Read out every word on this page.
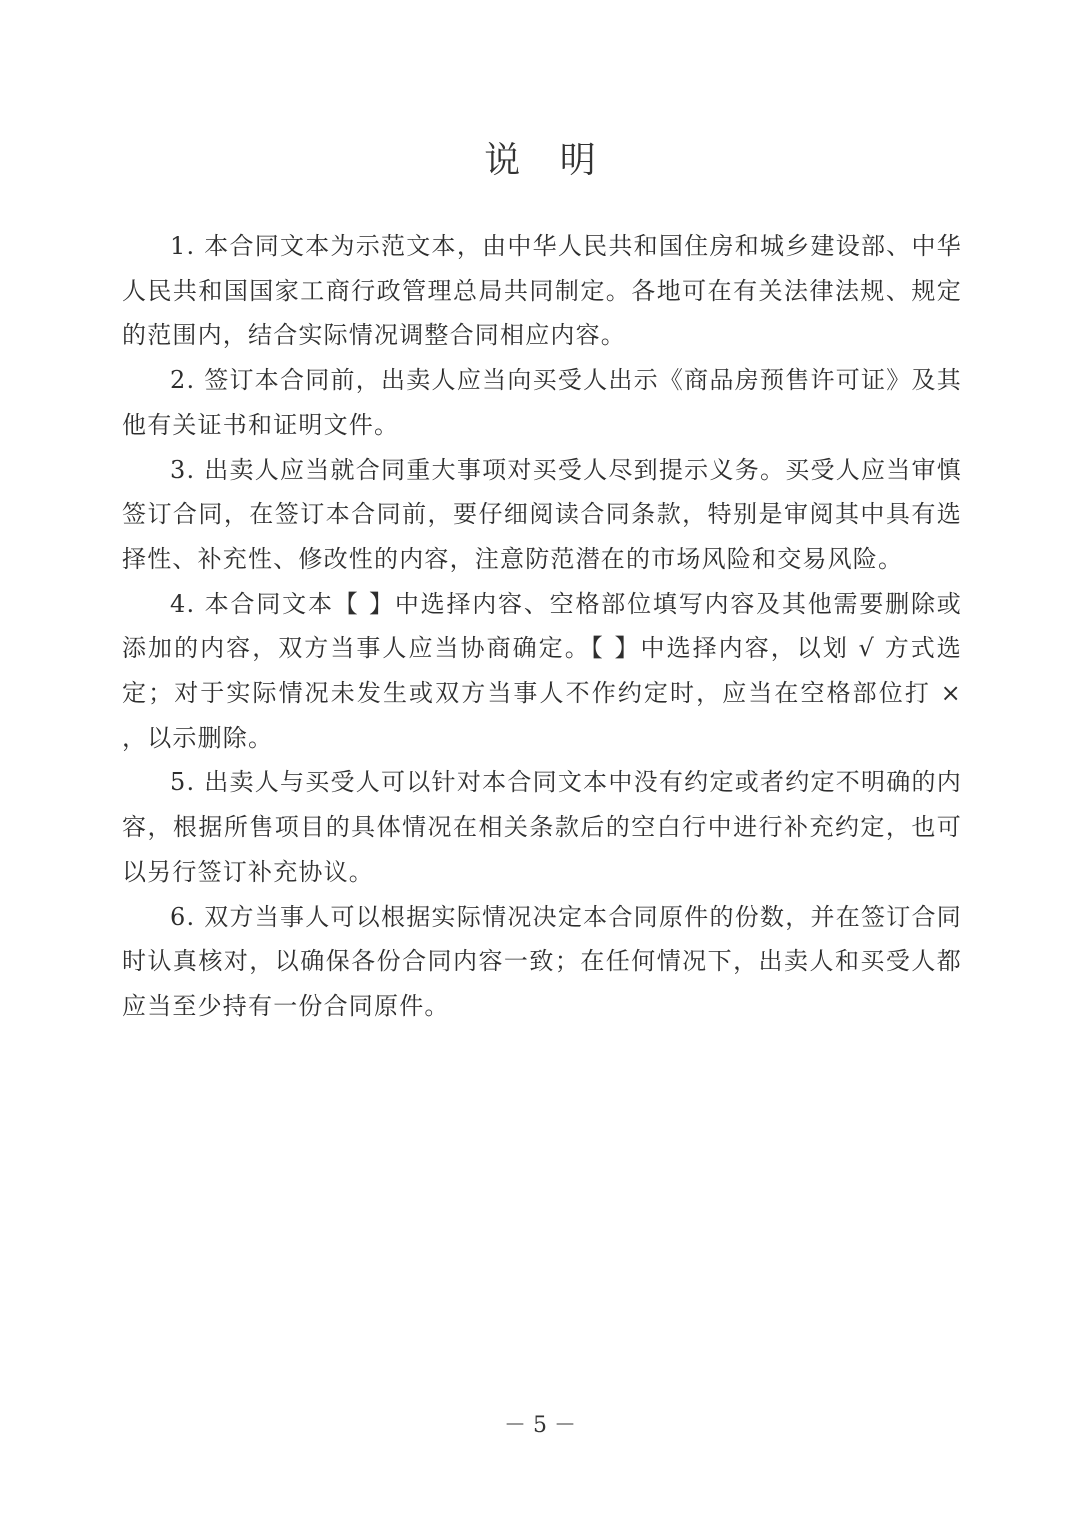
说 明

1. 本合同文本为示范文本，由中华人民共和国住房和城乡建设部、中华人民共和国国家工商行政管理总局共同制定。各地可在有关法律法规、规定的范围内，结合实际情况调整合同相应内容。

2. 签订本合同前，出卖人应当向买受人出示《商品房预售许可证》及其他有关证书和证明文件。

3. 出卖人应当就合同重大事项对买受人尽到提示义务。买受人应当审慎签订合同，在签订本合同前，要仔细阅读合同条款，特别是审阅其中具有选择性、补充性、修改性的内容，注意防范潜在的市场风险和交易风险。

4. 本合同文本【 】中选择内容、空格部位填写内容及其他需要删除或添加的内容，双方当事人应当协商确定。【 】中选择内容，以划 √ 方式选定；对于实际情况未发生或双方当事人不作约定时，应当在空格部位打 × ，以示删除。

5. 出卖人与买受人可以针对本合同文本中没有约定或者约定不明确的内容，根据所售项目的具体情况在相关条款后的空白行中进行补充约定，也可以另行签订补充协议。

6. 双方当事人可以根据实际情况决定本合同原件的份数，并在签订合同时认真核对，以确保各份合同内容一致；在任何情况下，出卖人和买受人都应当至少持有一份合同原件。

－ 5 －
